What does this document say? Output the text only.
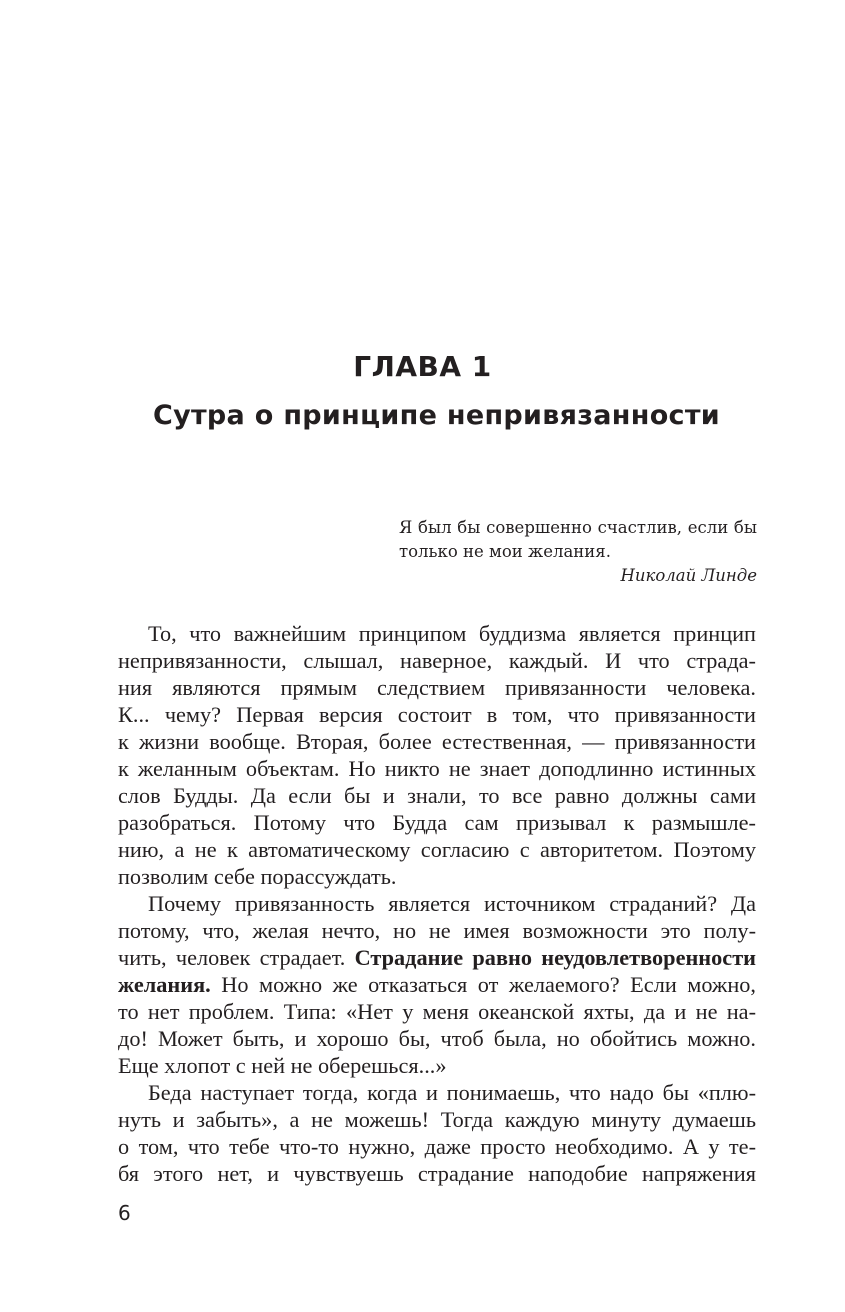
ГЛАВА 1
Сутра о принципе непривязанности

Я был бы совершенно счастлив, если бы только не мои желания.

Николай Линде

То, что важнейшим принципом буддизма является принцип
непривязанности, слышал, наверное, каждый. И что страда-
ния являются прямым следствием привязанности человека.
К... чему? Первая версия состоит в том, что привязанности
к жизни вообще. Вторая, более естественная, — привязанности
к желанным объектам. Но никто не знает доподлинно истинных
слов Будды. Да если бы и знали, то все равно должны сами
разобраться. Потому что Будда сам призывал к размышле-
нию, а не к автоматическому согласию с авторитетом. Поэтому
позволим себе порассуждать.
Почему привязанность является источником страданий? Да
потому, что, желая нечто, но не имея возможности это полу-
чить, человек страдает. Страдание равно неудовлетворенности
желания. Но можно же отказаться от желаемого? Если можно,
то нет проблем. Типа: «Нет у меня океанской яхты, да и не на-
до! Может быть, и хорошо бы, чтоб была, но обойтись можно.
Еще хлопот с ней не оберешься...»
Беда наступает тогда, когда и понимаешь, что надо бы «плю-
нуть и забыть», а не можешь! Тогда каждую минуту думаешь
о том, что тебе что-то нужно, даже просто необходимо. А у те-
бя этого нет, и чувствуешь страдание наподобие напряжения
6
